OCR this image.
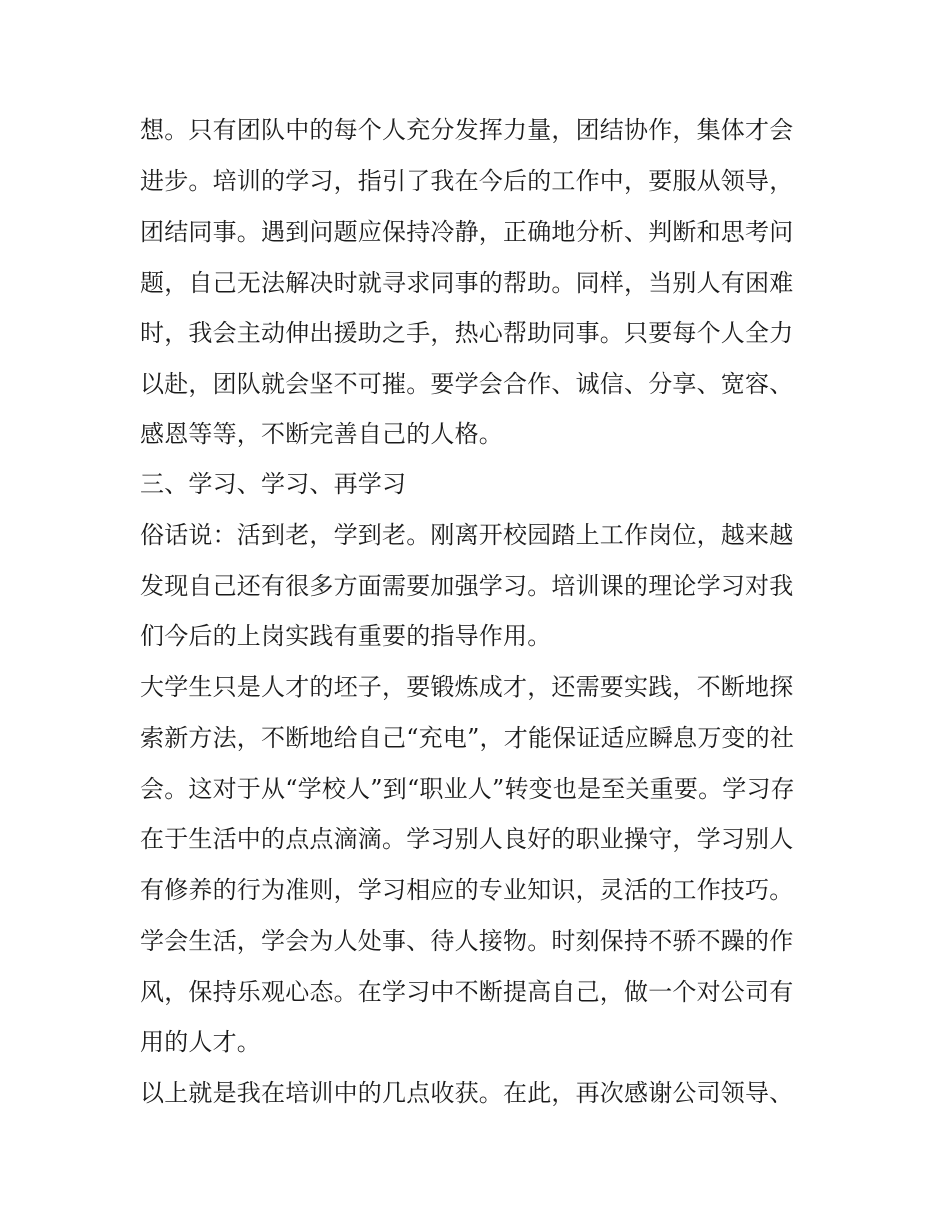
想。只有团队中的每个人充分发挥力量，团结协作，集体才会
进步。培训的学习，指引了我在今后的工作中，要服从领导，
团结同事。遇到问题应保持冷静，正确地分析、判断和思考问
题，自己无法解决时就寻求同事的帮助。同样，当别人有困难
时，我会主动伸出援助之手，热心帮助同事。只要每个人全力
以赴，团队就会坚不可摧。要学会合作、诚信、分享、宽容、
感恩等等，不断完善自己的人格。
三、学习、学习、再学习
俗话说：活到老，学到老。刚离开校园踏上工作岗位，越来越
发现自己还有很多方面需要加强学习。培训课的理论学习对我
们今后的上岗实践有重要的指导作用。
大学生只是人才的坯子，要锻炼成才，还需要实践，不断地探
索新方法，不断地给自己“充电”，才能保证适应瞬息万变的社
会。这对于从“学校人”到“职业人”转变也是至关重要。学习存
在于生活中的点点滴滴。学习别人良好的职业操守，学习别人
有修养的行为准则，学习相应的专业知识，灵活的工作技巧。
学会生活，学会为人处事、待人接物。时刻保持不骄不躁的作
风，保持乐观心态。在学习中不断提高自己，做一个对公司有
用的人才。
以上就是我在培训中的几点收获。在此，再次感谢公司领导、
